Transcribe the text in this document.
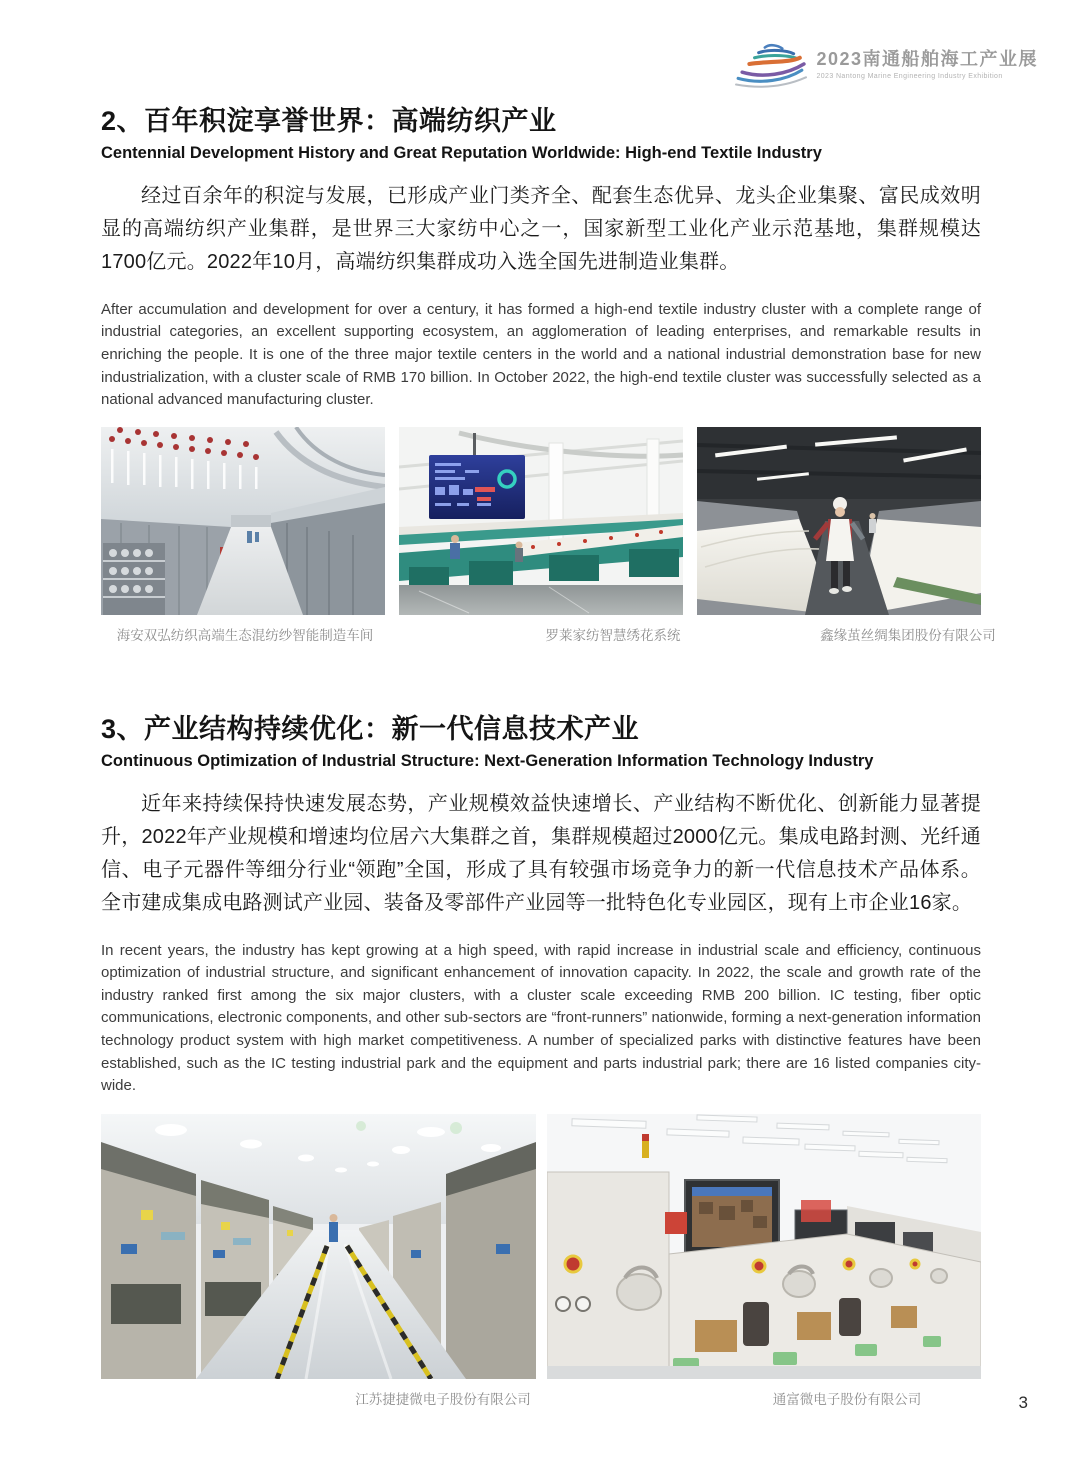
2023南通船舶海工产业展
2023 Nantong Marine Engineering Industry Exhibition
2、百年积淀享誉世界：高端纺织产业
Centennial Development History and Great Reputation Worldwide: High-end Textile Industry

经过百余年的积淀与发展，已形成产业门类齐全、配套生态优异、龙头企业集聚、富民成效明显的高端纺织产业集群，是世界三大家纺中心之一，国家新型工业化产业示范基地，集群规模达1700亿元。2022年10月，高端纺织集群成功入选全国先进制造业集群。

After accumulation and development for over a century, it has formed a high-end textile industry cluster with a complete range of industrial categories, an excellent supporting ecosystem, an agglomeration of leading enterprises, and remarkable results in enriching the people. It is one of the three major textile centers in the world and a national industrial demonstration base for new industrialization, with a cluster scale of RMB 170 billion. In October 2022, the high-end textile cluster was successfully selected as a national advanced manufacturing cluster.

海安双弘纺织高端生态混纺纱智能制造车间	罗莱家纺智慧绣花系统	鑫缘茧丝绸集团股份有限公司
3、产业结构持续优化：新一代信息技术产业
Continuous Optimization of Industrial Structure: Next-Generation Information Technology Industry

近年来持续保持快速发展态势，产业规模效益快速增长、产业结构不断优化、创新能力显著提升，2022年产业规模和增速均位居六大集群之首，集群规模超过2000亿元。集成电路封测、光纤通信、电子元器件等细分行业“领跑”全国，形成了具有较强市场竞争力的新一代信息技术产品体系。全市建成集成电路测试产业园、装备及零部件产业园等一批特色化专业园区，现有上市企业16家。

In recent years, the industry has kept growing at a high speed, with rapid increase in industrial scale and efficiency, continuous optimization of industrial structure, and significant enhancement of innovation capacity. In 2022, the scale and growth rate of the industry ranked first among the six major clusters, with a cluster scale exceeding RMB 200 billion. IC testing, fiber optic communications, electronic components, and other sub-sectors are “front-runners” nationwide, forming a next-generation information technology product system with high market competitiveness. A number of specialized parks with distinctive features have been established, such as the IC testing industrial park and the equipment and parts industrial park; there are 16 listed companies city-wide.

江苏捷捷微电子股份有限公司	通富微电子股份有限公司	3
